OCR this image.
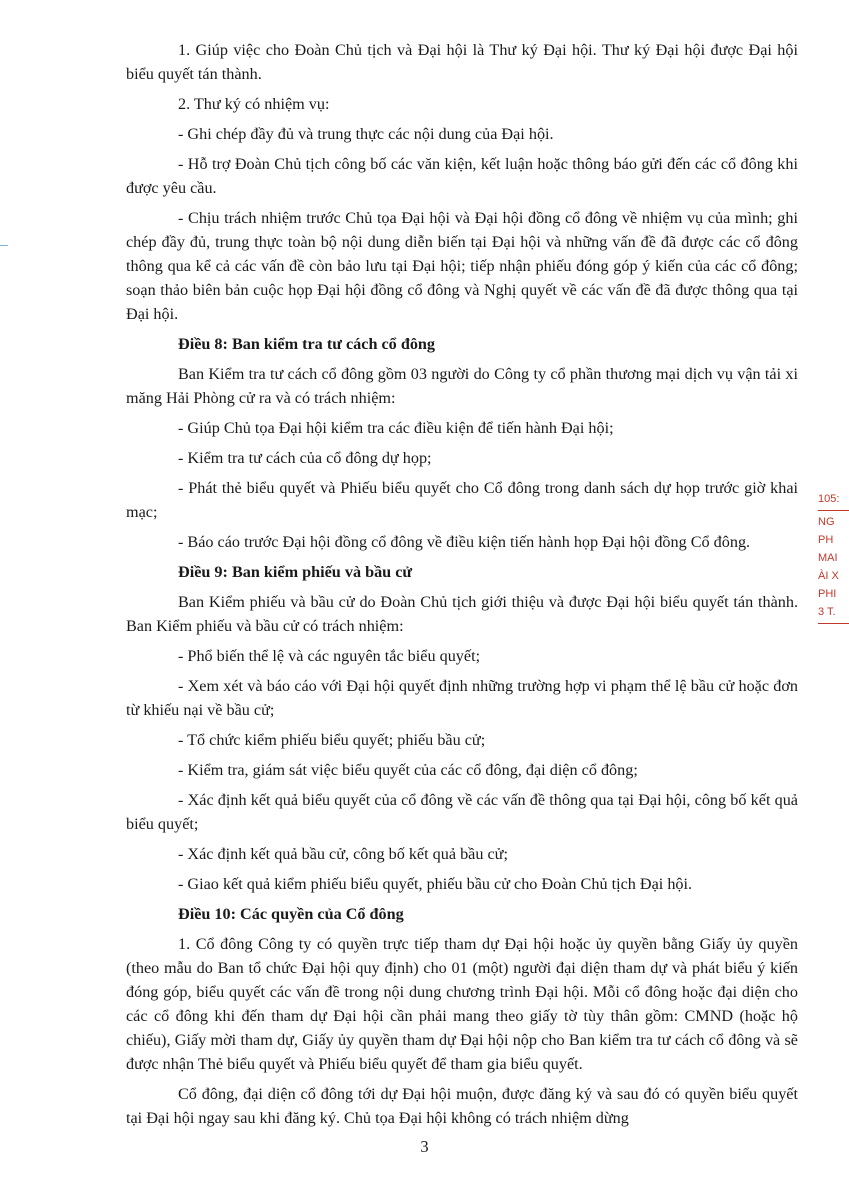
1. Giúp việc cho Đoàn Chủ tịch và Đại hội là Thư ký Đại hội. Thư ký Đại hội được Đại hội biểu quyết tán thành.

2. Thư ký có nhiệm vụ:

- Ghi chép đầy đủ và trung thực các nội dung của Đại hội.

- Hỗ trợ Đoàn Chủ tịch công bố các văn kiện, kết luận hoặc thông báo gửi đến các cổ đông khi được yêu cầu.

- Chịu trách nhiệm trước Chủ tọa Đại hội và Đại hội đồng cổ đông về nhiệm vụ của mình; ghi chép đầy đủ, trung thực toàn bộ nội dung diễn biến tại Đại hội và những vấn đề đã được các cổ đông thông qua kể cả các vấn đề còn bảo lưu tại Đại hội; tiếp nhận phiếu đóng góp ý kiến của các cổ đông; soạn thảo biên bản cuộc họp Đại hội đồng cổ đông và Nghị quyết về các vấn đề đã được thông qua tại Đại hội.

Điều 8: Ban kiểm tra tư cách cổ đông

Ban Kiểm tra tư cách cổ đông gồm 03 người do Công ty cổ phần thương mại dịch vụ vận tải xi măng Hải Phòng cử ra và có trách nhiệm:

- Giúp Chủ tọa Đại hội kiểm tra các điều kiện để tiến hành Đại hội;

- Kiểm tra tư cách của cổ đông dự họp;

- Phát thẻ biểu quyết và Phiếu biểu quyết cho Cổ đông trong danh sách dự họp trước giờ khai mạc;

- Báo cáo trước Đại hội đồng cổ đông về điều kiện tiến hành họp Đại hội đồng Cổ đông.

Điều 9: Ban kiểm phiếu và bầu cử

Ban Kiểm phiếu và bầu cử do Đoàn Chủ tịch giới thiệu và được Đại hội biểu quyết tán thành. Ban Kiểm phiếu và bầu cử có trách nhiệm:

- Phổ biến thể lệ và các nguyên tắc biểu quyết;

- Xem xét và báo cáo với Đại hội quyết định những trường hợp vi phạm thể lệ bầu cử hoặc đơn từ khiếu nại về bầu cử;

- Tổ chức kiểm phiếu biểu quyết; phiếu bầu cử;

- Kiểm tra, giám sát việc biểu quyết của các cổ đông, đại diện cổ đông;

- Xác định kết quả biểu quyết của cổ đông về các vấn đề thông qua tại Đại hội, công bố kết quả biểu quyết;

- Xác định kết quả bầu cử, công bố kết quả bầu cử;

- Giao kết quả kiểm phiếu biểu quyết, phiếu bầu cử cho Đoàn Chủ tịch Đại hội.

Điều 10: Các quyền của Cổ đông

1. Cổ đông Công ty có quyền trực tiếp tham dự Đại hội hoặc ủy quyền bằng Giấy ủy quyền (theo mẫu do Ban tổ chức Đại hội quy định) cho 01 (một) người đại diện tham dự và phát biểu ý kiến đóng góp, biểu quyết các vấn đề trong nội dung chương trình Đại hội. Mỗi cổ đông hoặc đại diện cho các cổ đông khi đến tham dự Đại hội cần phải mang theo giấy tờ tùy thân gồm: CMND (hoặc hộ chiếu), Giấy mời tham dự, Giấy ủy quyền tham dự Đại hội nộp cho Ban kiểm tra tư cách cổ đông và sẽ được nhận Thẻ biểu quyết và Phiếu biểu quyết để tham gia biểu quyết.

Cổ đông, đại diện cổ đông tới dự Đại hội muộn, được đăng ký và sau đó có quyền biểu quyết tại Đại hội ngay sau khi đăng ký. Chủ tọa Đại hội không có trách nhiệm dừng

105:
NG
PH
MAI
ÀI X
PHI
3 T.
3
